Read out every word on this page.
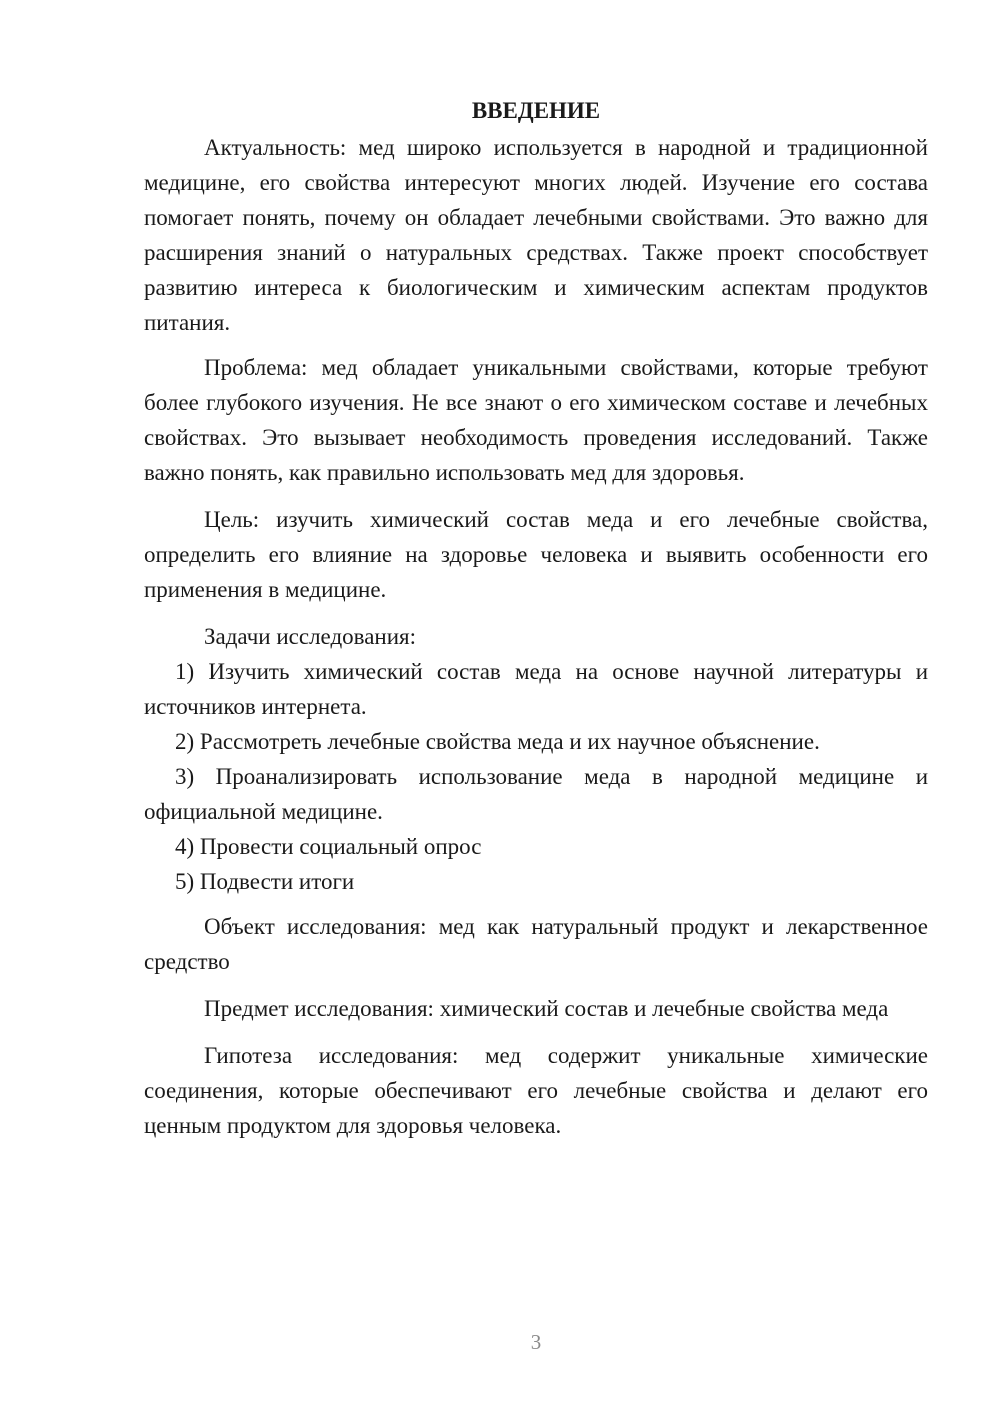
ВВЕДЕНИЕ

Актуальность: мед широко используется в народной и традиционной медицине, его свойства интересуют многих людей. Изучение его состава помогает понять, почему он обладает лечебными свойствами. Это важно для расширения знаний о натуральных средствах. Также проект способствует развитию интереса к биологическим и химическим аспектам продуктов питания.

Проблема: мед обладает уникальными свойствами, которые требуют более глубокого изучения. Не все знают о его химическом составе и лечебных свойствах. Это вызывает необходимость проведения исследований. Также важно понять, как правильно использовать мед для здоровья.

Цель: изучить химический состав меда и его лечебные свойства, определить его влияние на здоровье человека и выявить особенности его применения в медицине.

Задачи исследования:

1) Изучить химический состав меда на основе научной литературы и источников интернета.

2) Рассмотреть лечебные свойства меда и их научное объяснение.

3) Проанализировать использование меда в народной медицине и официальной медицине.

4) Провести социальный опрос

5) Подвести итоги

Объект исследования: мед как натуральный продукт и лекарственное средство

Предмет исследования: химический состав и лечебные свойства меда

Гипотеза исследования: мед содержит уникальные химические соединения, которые обеспечивают его лечебные свойства и делают его ценным продуктом для здоровья человека.

3
